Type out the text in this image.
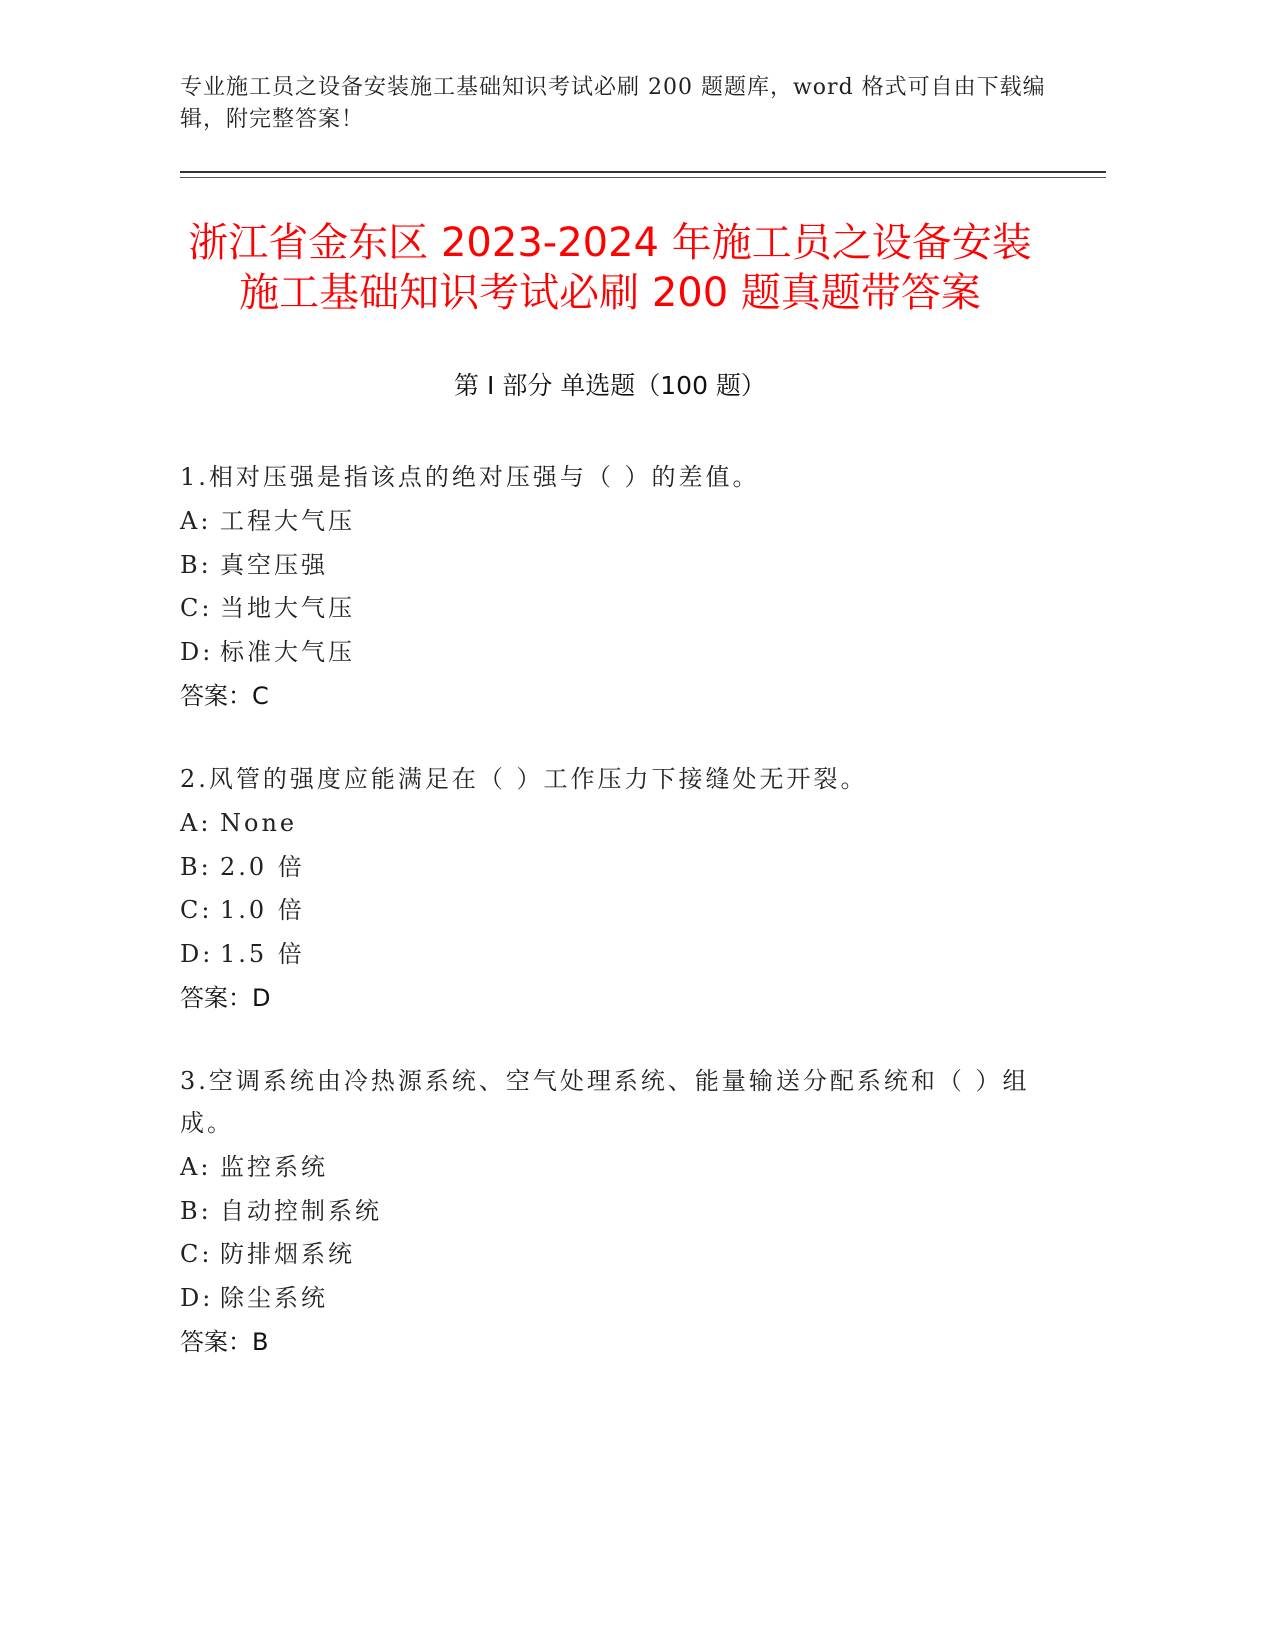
专业施工员之设备安装施工基础知识考试必刷 200 题题库，word 格式可自由下载编辑，附完整答案！
浙江省金东区 2023-2024 年施工员之设备安装施工基础知识考试必刷 200 题真题带答案
第 I 部分 单选题（100 题）
1.相对压强是指该点的绝对压强与（ ）的差值。
A: 工程大气压
B: 真空压强
C: 当地大气压
D: 标准大气压
答案：C
2.风管的强度应能满足在（ ）工作压力下接缝处无开裂。
A: None
B: 2.0 倍
C: 1.0 倍
D: 1.5 倍
答案：D
3.空调系统由冷热源系统、空气处理系统、能量输送分配系统和（ ）组成。
A: 监控系统
B: 自动控制系统
C: 防排烟系统
D: 除尘系统
答案：B
